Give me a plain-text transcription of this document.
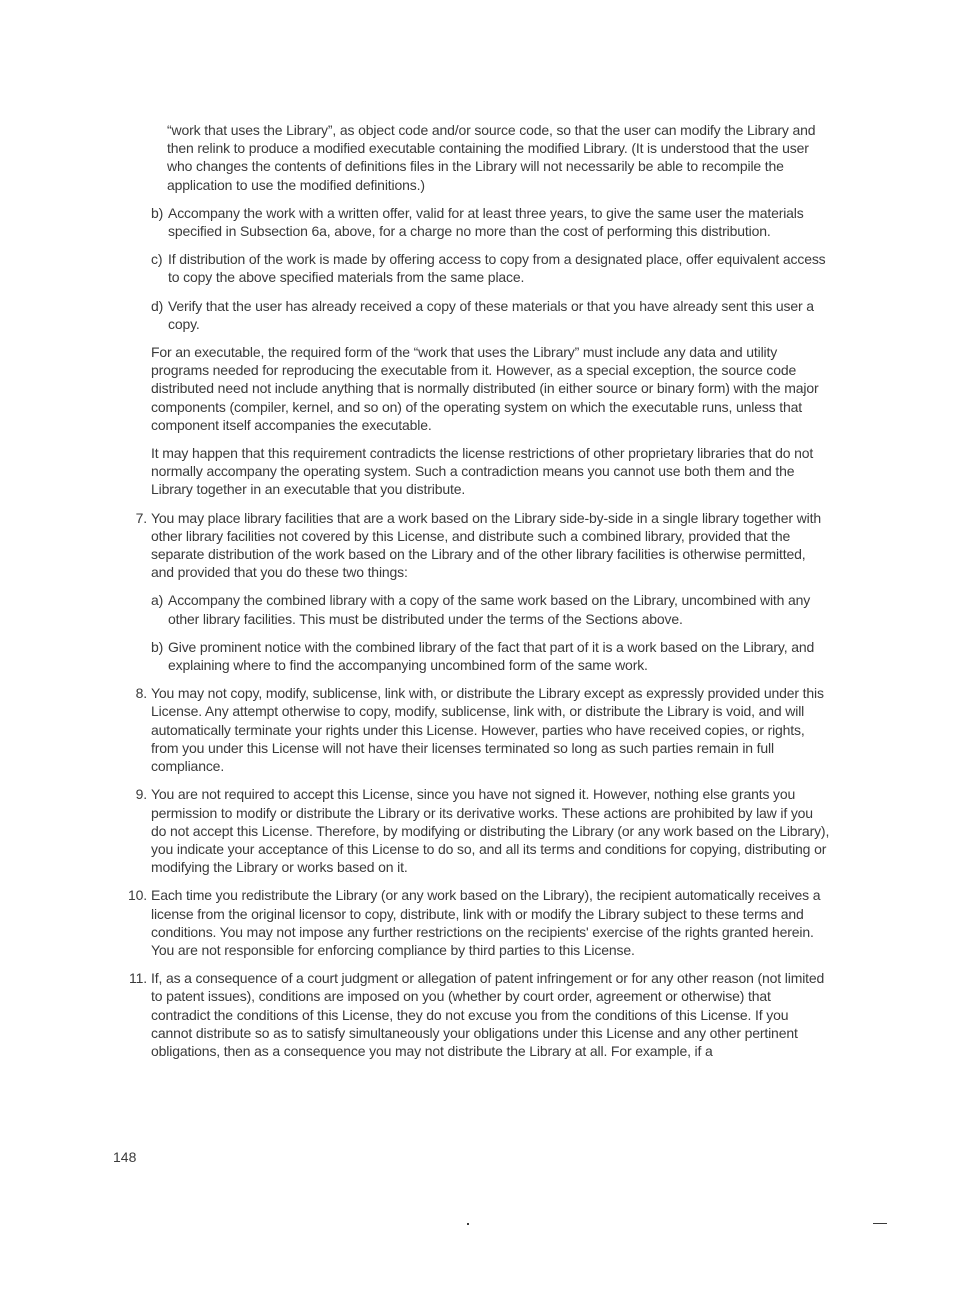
“work that uses the Library”, as object code and/or source code, so that the user can modify the Library and then relink to produce a modified executable containing the modified Library. (It is understood that the user who changes the contents of definitions files in the Library will not necessarily be able to recompile the application to use the modified definitions.)

b) Accompany the work with a written offer, valid for at least three years, to give the same user the materials specified in Subsection 6a, above, for a charge no more than the cost of performing this distribution.
c) If distribution of the work is made by offering access to copy from a designated place, offer equivalent access to copy the above specified materials from the same place.
d) Verify that the user has already received a copy of these materials or that you have already sent this user a copy.

For an executable, the required form of the “work that uses the Library” must include any data and utility programs needed for reproducing the executable from it. However, as a special exception, the source code distributed need not include anything that is normally distributed (in either source or binary form) with the major components (compiler, kernel, and so on) of the operating system on which the executable runs, unless that component itself accompanies the executable.

It may happen that this requirement contradicts the license restrictions of other proprietary libraries that do not normally accompany the operating system. Such a contradiction means you cannot use both them and the Library together in an executable that you distribute.

7. You may place library facilities that are a work based on the Library side-by-side in a single library together with other library facilities not covered by this License, and distribute such a combined library, provided that the separate distribution of the work based on the Library and of the other library facilities is otherwise permitted, and provided that you do these two things:
a) Accompany the combined library with a copy of the same work based on the Library, uncombined with any other library facilities. This must be distributed under the terms of the Sections above.
b) Give prominent notice with the combined library of the fact that part of it is a work based on the Library, and explaining where to find the accompanying uncombined form of the same work.
8. You may not copy, modify, sublicense, link with, or distribute the Library except as expressly provided under this License. Any attempt otherwise to copy, modify, sublicense, link with, or distribute the Library is void, and will automatically terminate your rights under this License. However, parties who have received copies, or rights, from you under this License will not have their licenses terminated so long as such parties remain in full compliance.
9. You are not required to accept this License, since you have not signed it. However, nothing else grants you permission to modify or distribute the Library or its derivative works. These actions are prohibited by law if you do not accept this License. Therefore, by modifying or distributing the Library (or any work based on the Library), you indicate your acceptance of this License to do so, and all its terms and conditions for copying, distributing or modifying the Library or works based on it.
10. Each time you redistribute the Library (or any work based on the Library), the recipient automatically receives a license from the original licensor to copy, distribute, link with or modify the Library subject to these terms and conditions. You may not impose any further restrictions on the recipients' exercise of the rights granted herein. You are not responsible for enforcing compliance by third parties to this License.
11. If, as a consequence of a court judgment or allegation of patent infringement or for any other reason (not limited to patent issues), conditions are imposed on you (whether by court order, agreement or otherwise) that contradict the conditions of this License, they do not excuse you from the conditions of this License. If you cannot distribute so as to satisfy simultaneously your obligations under this License and any other pertinent obligations, then as a consequence you may not distribute the Library at all. For example, if a
148
